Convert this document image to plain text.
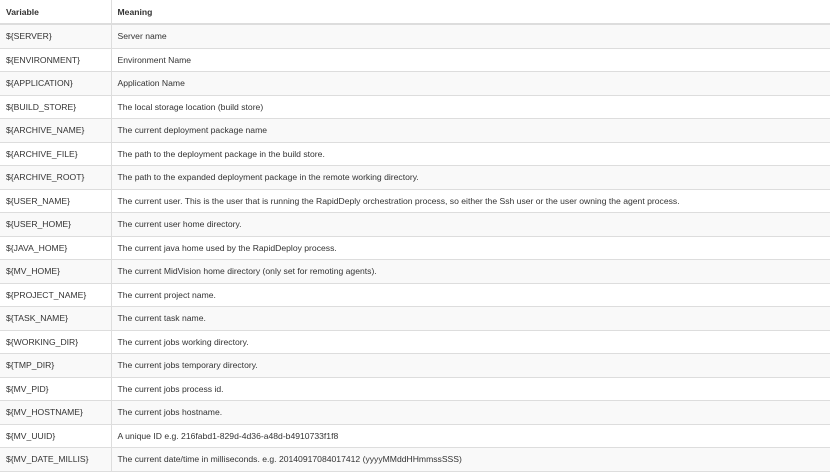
Variable	Meaning
${SERVER}	Server name
${ENVIRONMENT}	Environment Name
${APPLICATION}	Application Name
${BUILD_STORE}	The local storage location (build store)
${ARCHIVE_NAME}	The current deployment package name
${ARCHIVE_FILE}	The path to the deployment package in the build store.
${ARCHIVE_ROOT}	The path to the expanded deployment package in the remote working directory.
${USER_NAME}	The current user. This is the user that is running the RapidDeply orchestration process, so either the Ssh user or the user owning the agent process.
${USER_HOME}	The current user home directory.
${JAVA_HOME}	The current java home used by the RapidDeploy process.
${MV_HOME}	The current MidVision home directory (only set for remoting agents).
${PROJECT_NAME}	The current project name.
${TASK_NAME}	The current task name.
${WORKING_DIR}	The current jobs working directory.
${TMP_DIR}	The current jobs temporary directory.
${MV_PID}	The current jobs process id.
${MV_HOSTNAME}	The current jobs hostname.
${MV_UUID}	A unique ID e.g. 216fabd1-829d-4d36-a48d-b4910733f1f8
${MV_DATE_MILLIS}	The current date/time in milliseconds. e.g. 20140917084017412 (yyyyMMddHHmmssSSS)
